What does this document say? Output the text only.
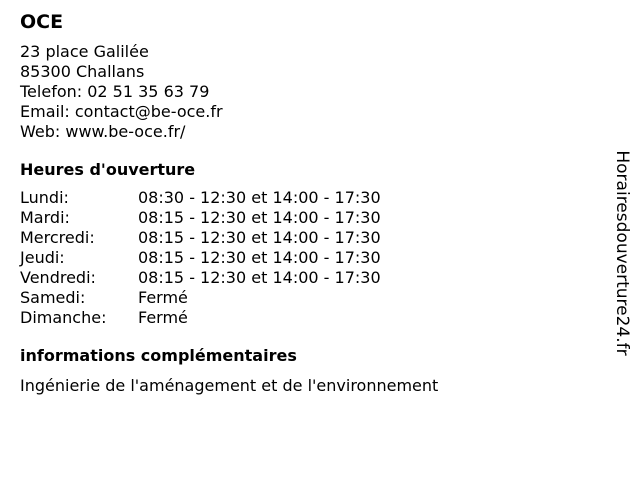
OCE
23 place Galilée
85300 Challans
Telefon: 02 51 35 63 79
Email: contact@be-oce.fr
Web: www.be-oce.fr/
Heures d'ouverture
Lundi:	08:30 - 12:30 et 14:00 - 17:30
Mardi:	08:15 - 12:30 et 14:00 - 17:30
Mercredi:	08:15 - 12:30 et 14:00 - 17:30
Jeudi:	08:15 - 12:30 et 14:00 - 17:30
Vendredi:	08:15 - 12:30 et 14:00 - 17:30
Samedi:	Fermé
Dimanche: Fermé
informations complémentaires
Ingénierie de l'aménagement et de l'environnement
Horairesdouverture24.fr
